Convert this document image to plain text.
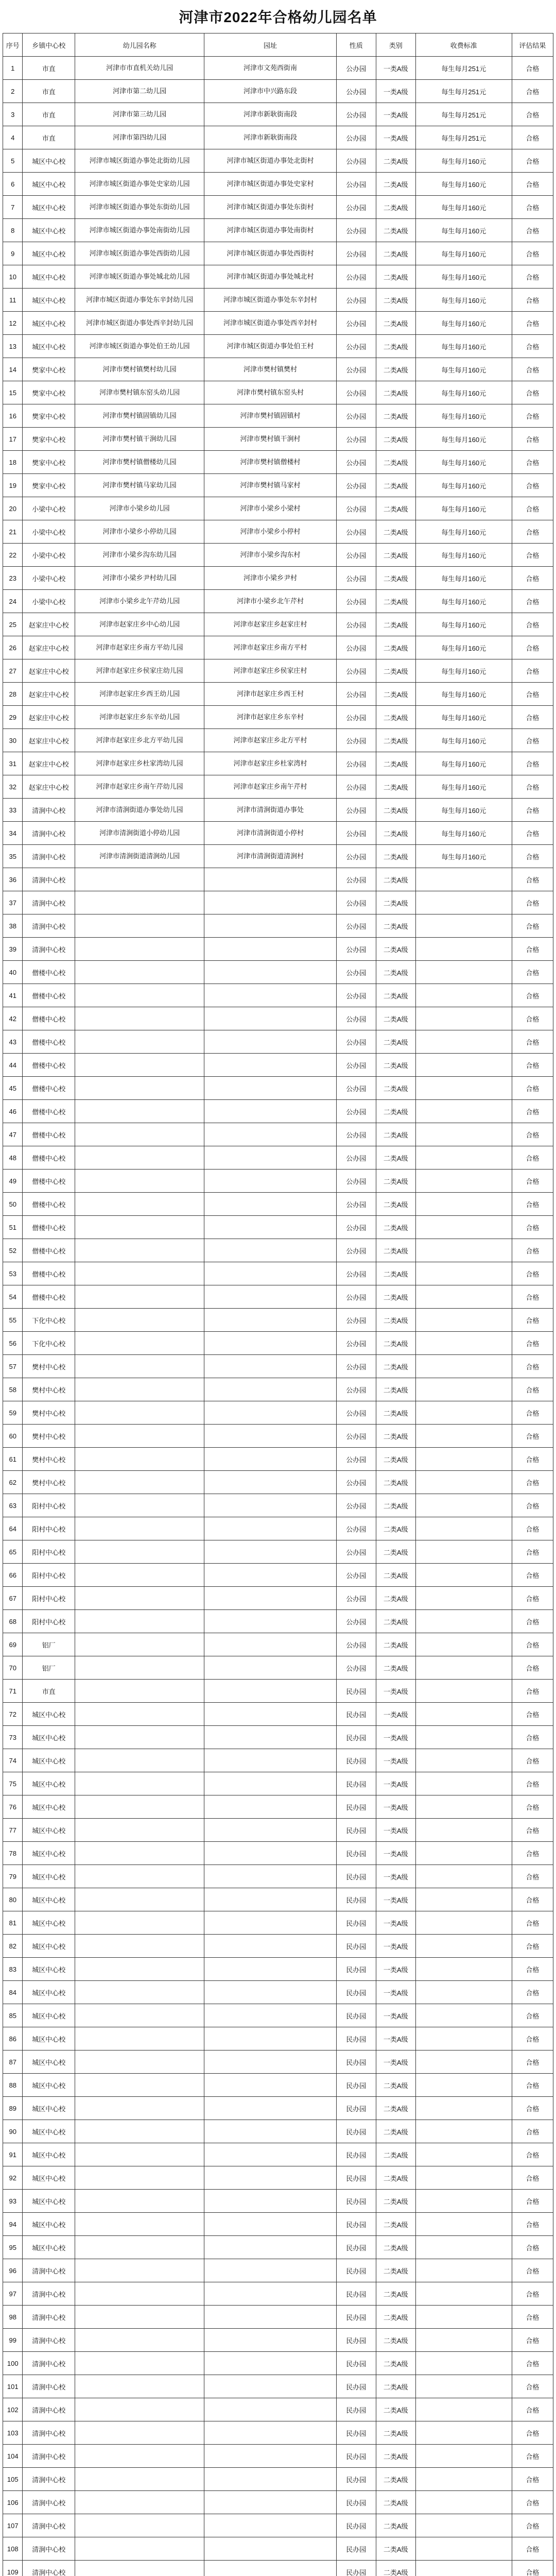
河津市2022年合格幼儿园名单
序号	乡镇中心校	幼儿园名称	园址	性质	类别	收费标准	评估结果
1	市直	河津市市直机关幼儿园	河津市文苑西街南	公办园	一类A级	每生每月251元	合格
2	市直	河津市第二幼儿园	河津市中兴路东段	公办园	一类A级	每生每月251元	合格
3	市直	河津市第三幼儿园	河津市新耿街南段	公办园	一类A级	每生每月251元	合格
4	市直	河津市第四幼儿园	河津市新耿街南段	公办园	一类A级	每生每月251元	合格
5	城区中心校	河津市城区街道办事处北街幼儿园	河津市城区街道办事处北街村	公办园	二类A级	每生每月160元	合格
6	城区中心校	河津市城区街道办事处史家幼儿园	河津市城区街道办事处史家村	公办园	二类A级	每生每月160元	合格
7	城区中心校	河津市城区街道办事处东街幼儿园	河津市城区街道办事处东街村	公办园	二类A级	每生每月160元	合格
8	城区中心校	河津市城区街道办事处南街幼儿园	河津市城区街道办事处南街村	公办园	二类A级	每生每月160元	合格
9	城区中心校	河津市城区街道办事处西街幼儿园	河津市城区街道办事处西街村	公办园	二类A级	每生每月160元	合格
10	城区中心校	河津市城区街道办事处城北幼儿园	河津市城区街道办事处城北村	公办园	二类A级	每生每月160元	合格
11	城区中心校	河津市城区街道办事处东辛封幼儿园	河津市城区街道办事处东辛封村	公办园	二类A级	每生每月160元	合格
12	城区中心校	河津市城区街道办事处西辛封幼儿园	河津市城区街道办事处西辛封村	公办园	二类A级	每生每月160元	合格
13	城区中心校	河津市城区街道办事处伯王幼儿园	河津市城区街道办事处伯王村	公办园	二类A级	每生每月160元	合格
14	樊家中心校	河津市樊村镇樊村幼儿园	河津市樊村镇樊村	公办园	二类A级	每生每月160元	合格
15	樊家中心校	河津市樊村镇东窑头幼儿园	河津市樊村镇东窑头村	公办园	二类A级	每生每月160元	合格
16	樊家中心校	河津市樊村镇固镇幼儿园	河津市樊村镇固镇村	公办园	二类A级	每生每月160元	合格
17	樊家中心校	河津市樊村镇干涧幼儿园	河津市樊村镇干涧村	公办园	二类A级	每生每月160元	合格
18	樊家中心校	河津市樊村镇僧楼幼儿园	河津市樊村镇僧楼村	公办园	二类A级	每生每月160元	合格
19	樊家中心校	河津市樊村镇马家幼儿园	河津市樊村镇马家村	公办园	二类A级	每生每月160元	合格
20	小梁中心校	河津市小梁乡幼儿园	河津市小梁乡小梁村	公办园	二类A级	每生每月160元	合格
21	小梁中心校	河津市小梁乡小停幼儿园	河津市小梁乡小停村	公办园	二类A级	每生每月160元	合格
22	小梁中心校	河津市小梁乡沟东幼儿园	河津市小梁乡沟东村	公办园	二类A级	每生每月160元	合格
23	小梁中心校	河津市小梁乡尹村幼儿园	河津市小梁乡尹村	公办园	二类A级	每生每月160元	合格
24	小梁中心校	河津市小梁乡北午芹幼儿园	河津市小梁乡北午芹村	公办园	二类A级	每生每月160元	合格
25	赵家庄中心校	河津市赵家庄乡中心幼儿园	河津市赵家庄乡赵家庄村	公办园	二类A级	每生每月160元	合格
26	赵家庄中心校	河津市赵家庄乡南方平幼儿园	河津市赵家庄乡南方平村	公办园	二类A级	每生每月160元	合格
27	赵家庄中心校	河津市赵家庄乡侯家庄幼儿园	河津市赵家庄乡侯家庄村	公办园	二类A级	每生每月160元	合格
28	赵家庄中心校	河津市赵家庄乡西王幼儿园	河津市赵家庄乡西王村	公办园	二类A级	每生每月160元	合格
29	赵家庄中心校	河津市赵家庄乡东辛幼儿园	河津市赵家庄乡东辛村	公办园	二类A级	每生每月160元	合格
30	赵家庄中心校	河津市赵家庄乡北方平幼儿园	河津市赵家庄乡北方平村	公办园	二类A级	每生每月160元	合格
31	赵家庄中心校	河津市赵家庄乡杜家湾幼儿园	河津市赵家庄乡杜家湾村	公办园	二类A级	每生每月160元	合格
32	赵家庄中心校	河津市赵家庄乡南午芹幼儿园	河津市赵家庄乡南午芹村	公办园	二类A级	每生每月160元	合格
33	清涧中心校	河津市清涧街道办事处幼儿园	河津市清涧街道办事处	公办园	二类A级	每生每月160元	合格
34	清涧中心校	河津市清涧街道小停幼儿园	河津市清涧街道小停村	公办园	二类A级	每生每月160元	合格
35	清涧中心校	河津市清涧街道清涧幼儿园	河津市清涧街道清涧村	公办园	二类A级	每生每月160元	合格
36	清涧中心校			公办园	二类A级		合格
37	清涧中心校			公办园	二类A级		合格
38	清涧中心校			公办园	二类A级		合格
39	清涧中心校			公办园	二类A级		合格
40	僧楼中心校			公办园	二类A级		合格
41	僧楼中心校			公办园	二类A级		合格
42	僧楼中心校			公办园	二类A级		合格
43	僧楼中心校			公办园	二类A级		合格
44	僧楼中心校			公办园	二类A级		合格
45	僧楼中心校			公办园	二类A级		合格
46	僧楼中心校			公办园	二类A级		合格
47	僧楼中心校			公办园	二类A级		合格
48	僧楼中心校			公办园	二类A级		合格
49	僧楼中心校			公办园	二类A级		合格
50	僧楼中心校			公办园	二类A级		合格
51	僧楼中心校			公办园	二类A级		合格
52	僧楼中心校			公办园	二类A级		合格
53	僧楼中心校			公办园	二类A级		合格
54	僧楼中心校			公办园	二类A级		合格
55	下化中心校			公办园	二类A级		合格
56	下化中心校			公办园	二类A级		合格
57	樊村中心校			公办园	二类A级		合格
58	樊村中心校			公办园	二类A级		合格
59	樊村中心校			公办园	二类A级		合格
60	樊村中心校			公办园	二类A级		合格
61	樊村中心校			公办园	二类A级		合格
62	樊村中心校			公办园	二类A级		合格
63	阳村中心校			公办园	二类A级		合格
64	阳村中心校			公办园	二类A级		合格
65	阳村中心校			公办园	二类A级		合格
66	阳村中心校			公办园	二类A级		合格
67	阳村中心校			公办园	二类A级		合格
68	阳村中心校			公办园	二类A级		合格
69	铝厂			公办园	二类A级		合格
70	铝厂			公办园	二类A级		合格
71	市直			民办园	一类A级		合格
72	城区中心校			民办园	一类A级		合格
73	城区中心校			民办园	一类A级		合格
74	城区中心校			民办园	一类A级		合格
75	城区中心校			民办园	一类A级		合格
76	城区中心校			民办园	一类A级		合格
77	城区中心校			民办园	一类A级		合格
78	城区中心校			民办园	一类A级		合格
79	城区中心校			民办园	一类A级		合格
80	城区中心校			民办园	一类A级		合格
81	城区中心校			民办园	一类A级		合格
82	城区中心校			民办园	一类A级		合格
83	城区中心校			民办园	一类A级		合格
84	城区中心校			民办园	一类A级		合格
85	城区中心校			民办园	一类A级		合格
86	城区中心校			民办园	一类A级		合格
87	城区中心校			民办园	一类A级		合格
88	城区中心校			民办园	二类A级		合格
89	城区中心校			民办园	二类A级		合格
90	城区中心校			民办园	二类A级		合格
91	城区中心校			民办园	二类A级		合格
92	城区中心校			民办园	二类A级		合格
93	城区中心校			民办园	二类A级		合格
94	城区中心校			民办园	二类A级		合格
95	城区中心校			民办园	二类A级		合格
96	清涧中心校			民办园	二类A级		合格
97	清涧中心校			民办园	二类A级		合格
98	清涧中心校			民办园	二类A级		合格
99	清涧中心校			民办园	二类A级		合格
100	清涧中心校			民办园	二类A级		合格
101	清涧中心校			民办园	二类A级		合格
102	清涧中心校			民办园	二类A级		合格
103	清涧中心校			民办园	二类A级		合格
104	清涧中心校			民办园	二类A级		合格
105	清涧中心校			民办园	二类A级		合格
106	清涧中心校			民办园	二类A级		合格
107	清涧中心校			民办园	二类A级		合格
108	清涧中心校			民办园	二类A级		合格
109	清涧中心校			民办园	二类A级		合格
